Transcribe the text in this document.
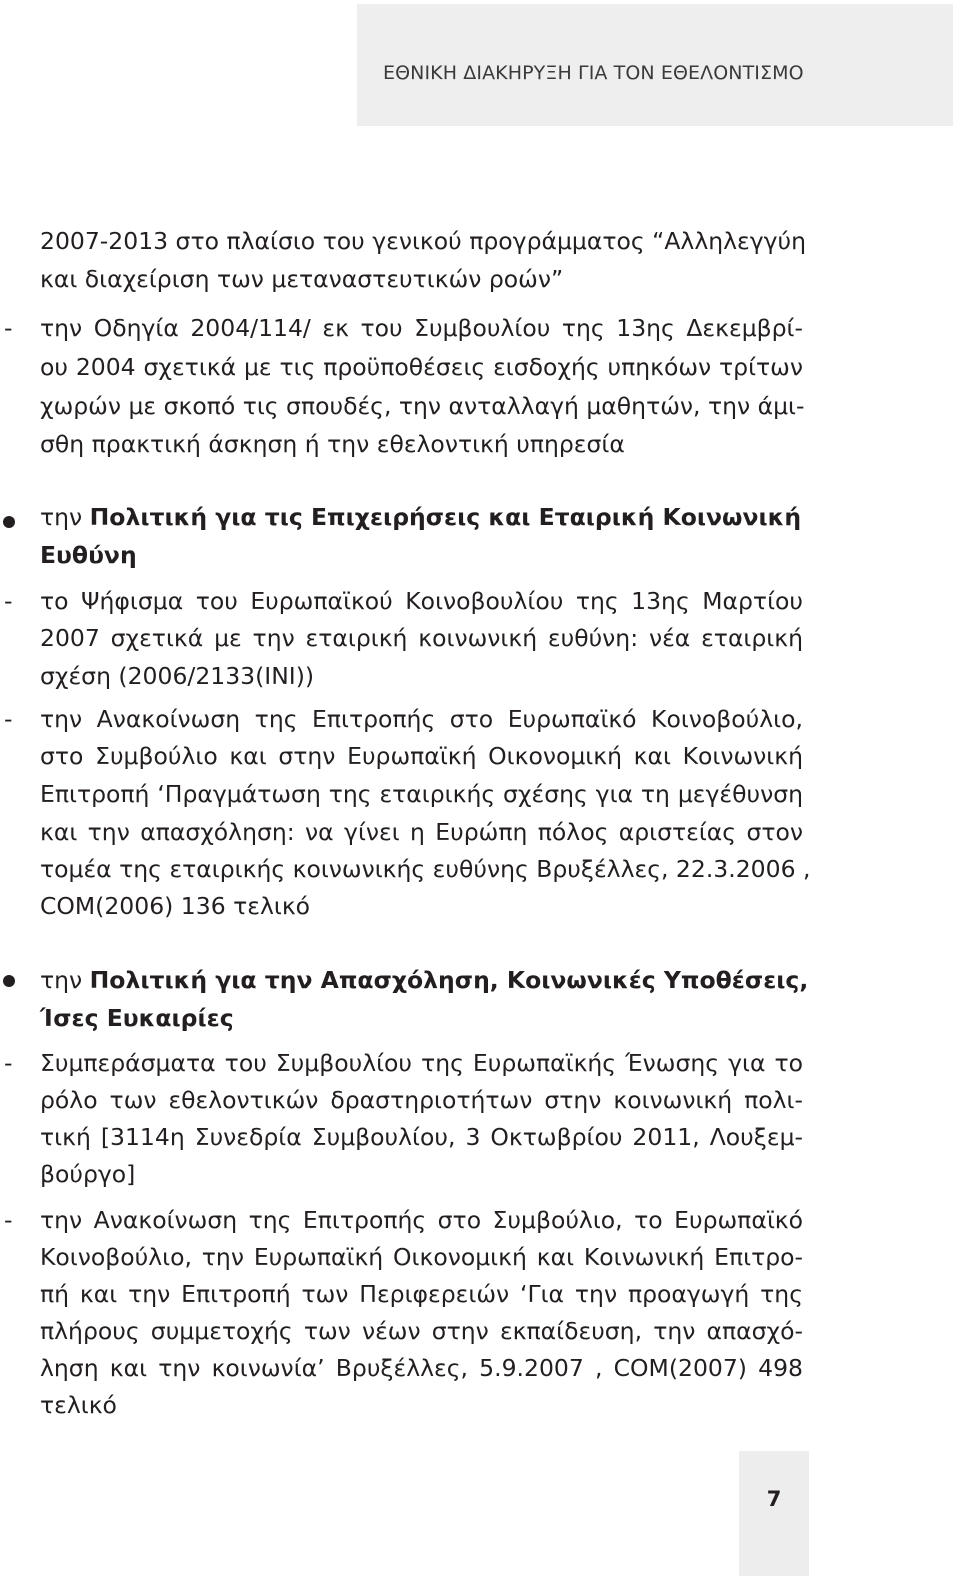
ΕΘΝΙΚΗ ΔΙΑΚΗΡΥΞΗ ΓΙΑ ΤΟΝ ΕΘΕΛΟΝΤΙΣΜΟ
2007-2013 στο πλαίσιο του γενικού προγράμματος “Αλληλεγγύη
και διαχείριση των μεταναστευτικών ροών”
-	την Οδηγία 2004/114/ εκ του Συμβουλίου της 13ης Δεκεμβρί-
ου 2004 σχετικά με τις προϋποθέσεις εισδοχής υπηκόων τρίτων
χωρών με σκοπό τις σπουδές, την ανταλλαγή μαθητών, την άμι-
σθη πρακτική άσκηση ή την εθελοντική υπηρεσία
την Πολιτική για τις Επιχειρήσεις και Εταιρική Κοινωνική
Ευθύνη
-	το Ψήφισμα του Ευρωπαϊκού Κοινοβουλίου της 13ης Μαρτίου
2007 σχετικά με την εταιρική κοινωνική ευθύνη: νέα εταιρική
σχέση (2006/2133(ΙΝΙ))
-	την Ανακοίνωση της Επιτροπής στο Ευρωπαϊκό Κοινοβούλιο,
στο Συμβούλιο και στην Ευρωπαϊκή Οικονομική και Κοινωνική
Επιτροπή ‘Πραγμάτωση της εταιρικής σχέσης για τη μεγέθυνση
και την απασχόληση: να γίνει η Ευρώπη πόλος αριστείας στον
τομέα της εταιρικής κοινωνικής ευθύνης Βρυξέλλες, 22.3.2006 ,
COM(2006) 136 τελικό
την Πολιτική για την Απασχόληση, Κοινωνικές Υποθέσεις,
Ίσες Ευκαιρίες
-	Συμπεράσματα του Συμβουλίου της Ευρωπαϊκής Ένωσης για το
ρόλο των εθελοντικών δραστηριοτήτων στην κοινωνική πολι-
τική [3114η Συνεδρία Συμβουλίου, 3 Οκτωβρίου 2011, Λουξεμ-
βούργο]
-	την Ανακοίνωση της Επιτροπής στο Συμβούλιο, το Ευρωπαϊκό
Κοινοβούλιο, την Ευρωπαϊκή Οικονομική και Κοινωνική Επιτρο-
πή και την Επιτροπή των Περιφερειών ‘Για την προαγωγή της
πλήρους συμμετοχής των νέων στην εκπαίδευση, την απασχό-
ληση και την κοινωνία’ Βρυξέλλες, 5.9.2007 , COM(2007) 498
τελικό
7
